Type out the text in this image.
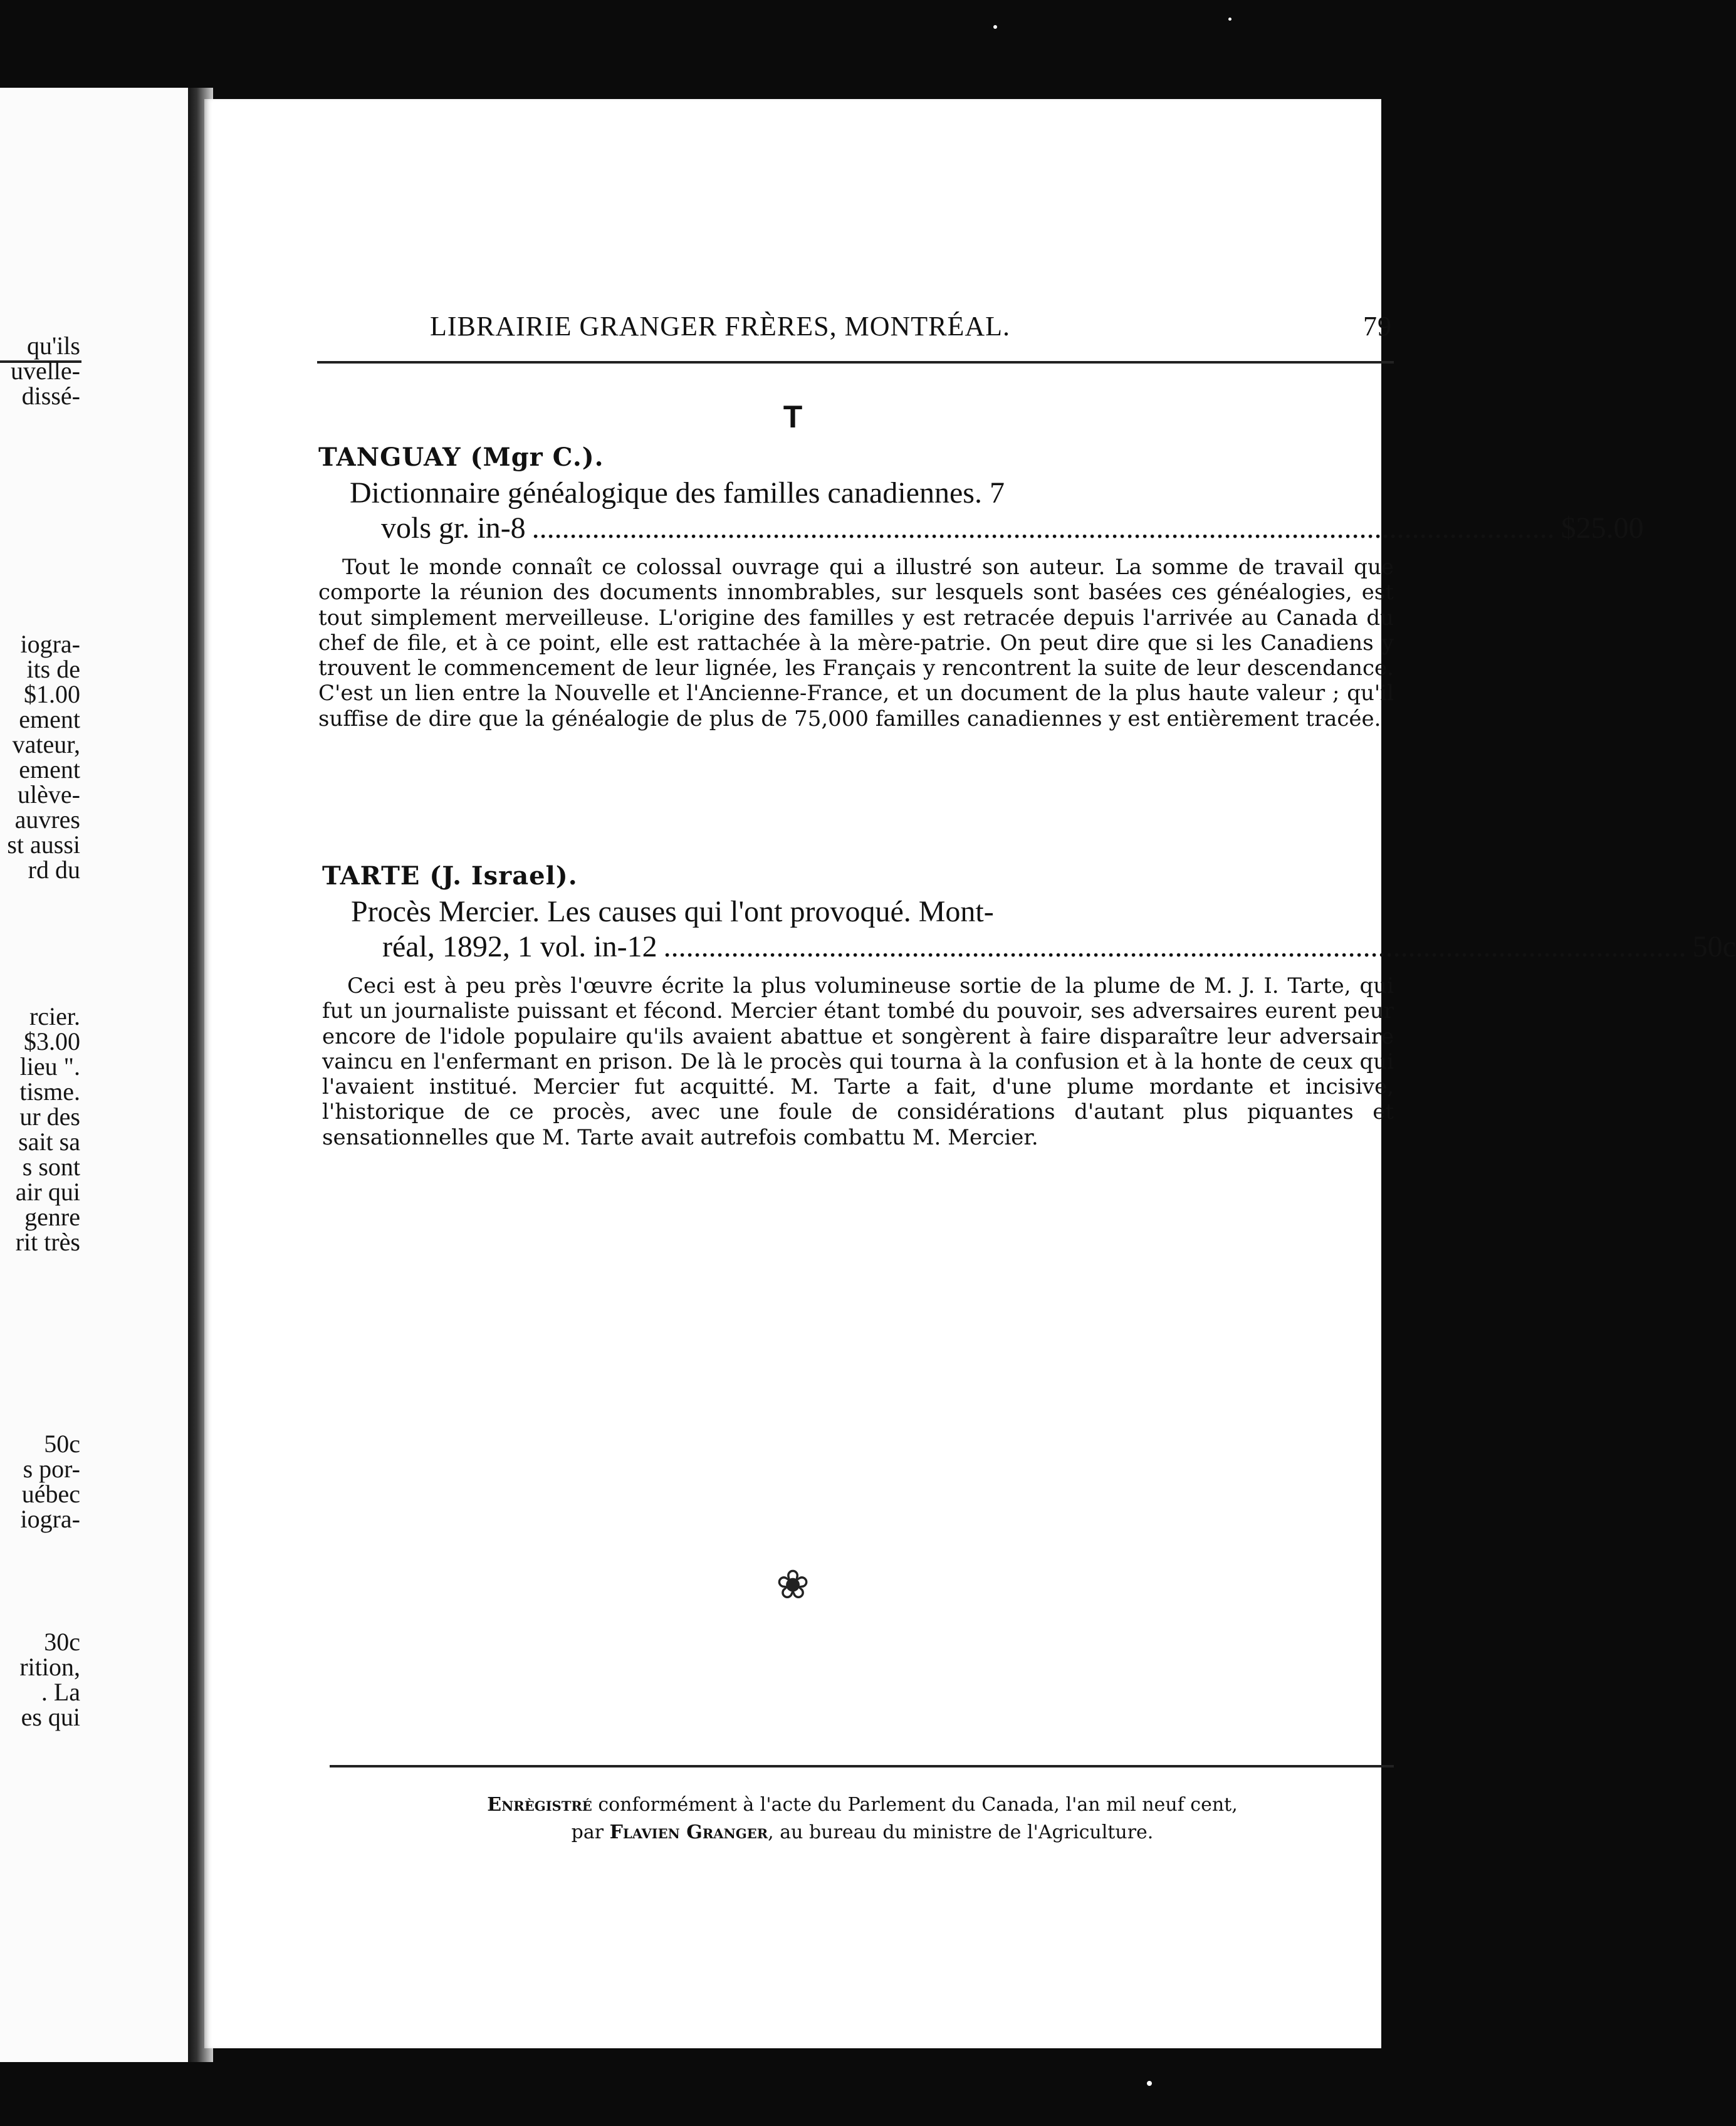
qu'ils
uvelle-
dissé-
iogra-
its de
$1.00
ement
vateur,
ement
ulève-
auvres
st aussi
rd du
rcier.
$3.00
lieu ".
tisme.
ur des
sait sa
s sont
air qui
genre
rit très
50c
s por-
uébec
iogra-
30c
rition,
. La
es qui
LIBRAIRIE GRANGER FRÈRES, MONTRÉAL.	79
T
TANGUAY (Mgr C.).
Dictionnaire généalogique des familles canadiennes. 7
vols gr. in-8 ........................................................................................................................................ $25.00
Tout le monde connaît ce colossal ouvrage qui a illustré son auteur. La somme de travail que comporte la réunion des documents innombrables, sur lesquels sont basées ces généalogies, est tout simplement merveilleuse. L'origine des familles y est retracée depuis l'arrivée au Canada du chef de file, et à ce point, elle est rattachée à la mère-patrie. On peut dire que si les Canadiens y trouvent le commencement de leur lignée, les Français y rencontrent la suite de leur descendance. C'est un lien entre la Nouvelle et l'Ancienne-France, et un document de la plus haute valeur ; qu'il suffise de dire que la généalogie de plus de 75,000 familles canadiennes y est entièrement tracée.
TARTE (J. Israel).
Procès Mercier. Les causes qui l'ont provoqué. Mont-
réal, 1892, 1 vol. in-12 ........................................................................................................................................ 50c
Ceci est à peu près l'œuvre écrite la plus volumineuse sortie de la plume de M. J. I. Tarte, qui fut un journaliste puissant et fécond. Mercier étant tombé du pouvoir, ses adversaires eurent peur encore de l'idole populaire qu'ils avaient abattue et songèrent à faire disparaître leur adversaire vaincu en l'enfermant en prison. De là le procès qui tourna à la confusion et à la honte de ceux qui l'avaient institué. Mercier fut acquitté. M. Tarte a fait, d'une plume mordante et incisive, l'historique de ce procès, avec une foule de considérations d'autant plus piquantes et sensationnelles que M. Tarte avait autrefois combattu M. Mercier.
❀
Enrègistré conformément à l'acte du Parlement du Canada, l'an mil neuf cent,
par Flavien Granger, au bureau du ministre de l'Agriculture.
